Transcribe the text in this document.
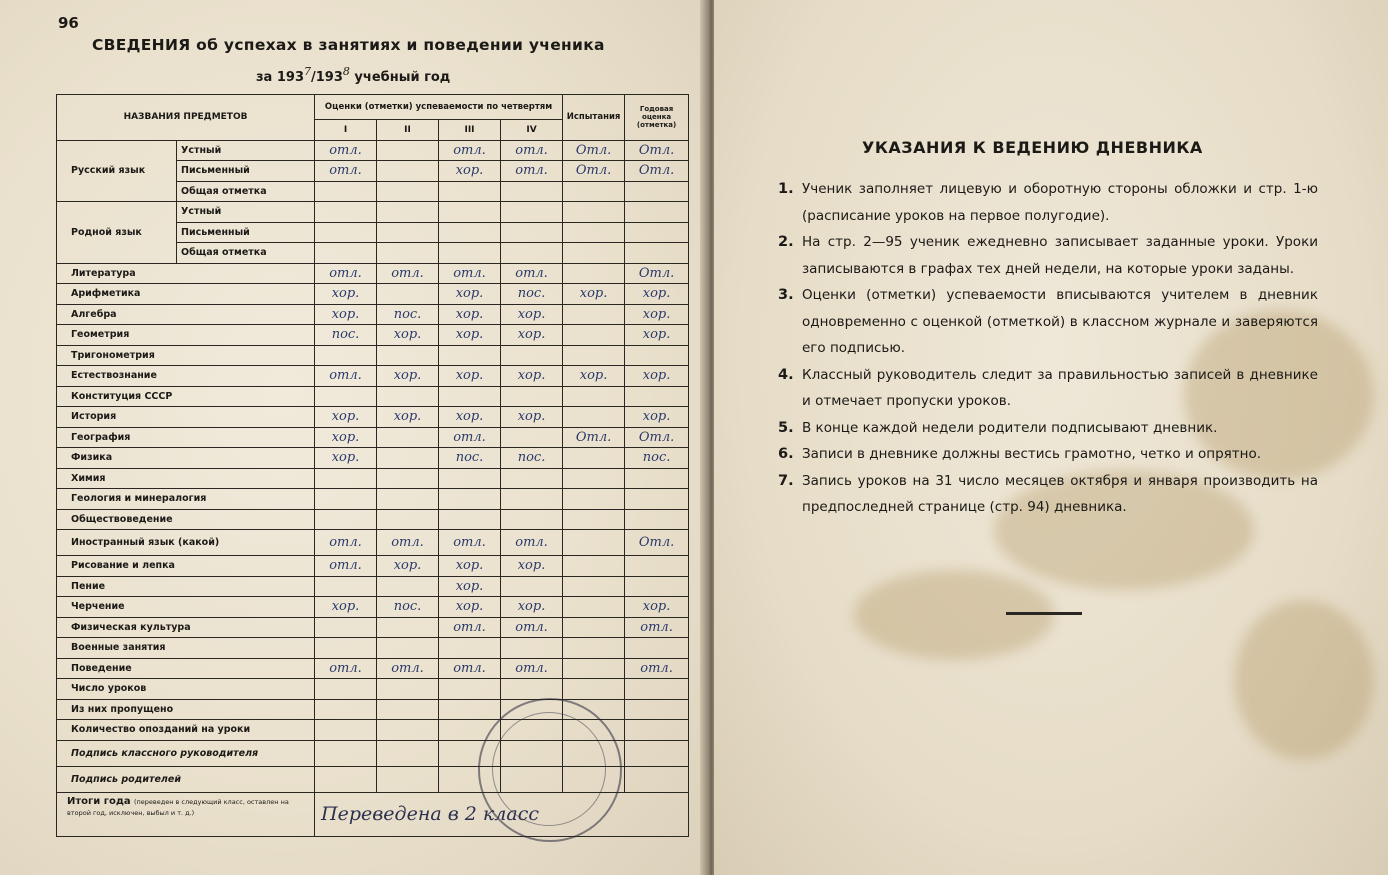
96
СВЕДЕНИЯ об успехах в занятиях и поведении ученика
за $193^7/193^8$ учебный год
НАЗВАНИЯ ПРЕДМЕТОВ		Оценки (отметки) успеваемости по четвертям				Испытания	Годовая оценка (отметка)
		I	II	III	IV		
Русский язык	Устный	отл.		отл.	отл.	Отл.	Отл.
	Письменный	отл.		хор.	отл.	Отл.	Отл.
	Общая отметка						
Родной язык	Устный						
	Письменный						
	Общая отметка						
Литература		отл.	отл.	отл.	отл.		Отл.
Арифметика		хор.		хор.	пос.	хор.	хор.
Алгебра		хор.	пос.	хор.	хор.		хор.
Геометрия		пос.	хор.	хор.	хор.		хор.
Тригонометрия							
Естествознание		отл.	хор.	хор.	хор.	хор.	хор.
Конституция СССР							
История		хор.	хор.	хор.	хор.		хор.
География		хор.		отл.		Отл.	Отл.
Физика		хор.		пос.	пос.		пос.
Химия							
Геология и минералогия							
Обществоведение							
Иностранный язык (какой)		отл.	отл.	отл.	отл.		Отл.
Рисование и лепка		отл.	хор.	хор.	хор.		
Пение				хор.			
Черчение		хор.	пос.	хор.	хор.		хор.
Физическая культура				отл.	отл.		отл.
Военные занятия							
Поведение		отл.	отл.	отл.	отл.		отл.
Число уроков							
Из них пропущено							
Количество опозданий на уроки							
Подпись классного руководителя							
Подпись родителей							
Итоги года (переведен в следующий класс, оставлен на второй год, исключен, выбыл и т. д.)		Переведена в 2 класс					
УКАЗАНИЯ К ВЕДЕНИЮ ДНЕВНИКА
1. Ученик заполняет лицевую и оборотную стороны обложки и стр. 1-ю (расписание уроков на первое полугодие).
2. На стр. 2—95 ученик ежедневно записывает заданные уроки. Уроки записываются в графах тех дней недели, на которые уроки заданы.
3. Оценки (отметки) успеваемости вписываются учителем в дневник одновременно с оценкой (отметкой) в классном журнале и заверяются его подписью.
4. Классный руководитель следит за правильностью записей в дневнике и отмечает пропуски уроков.
5. В конце каждой недели родители подписывают дневник.
6. Записи в дневнике должны вестись грамотно, четко и опрятно.
7. Запись уроков на 31 число месяцев октября и января производить на предпоследней странице (стр. 94) дневника.
